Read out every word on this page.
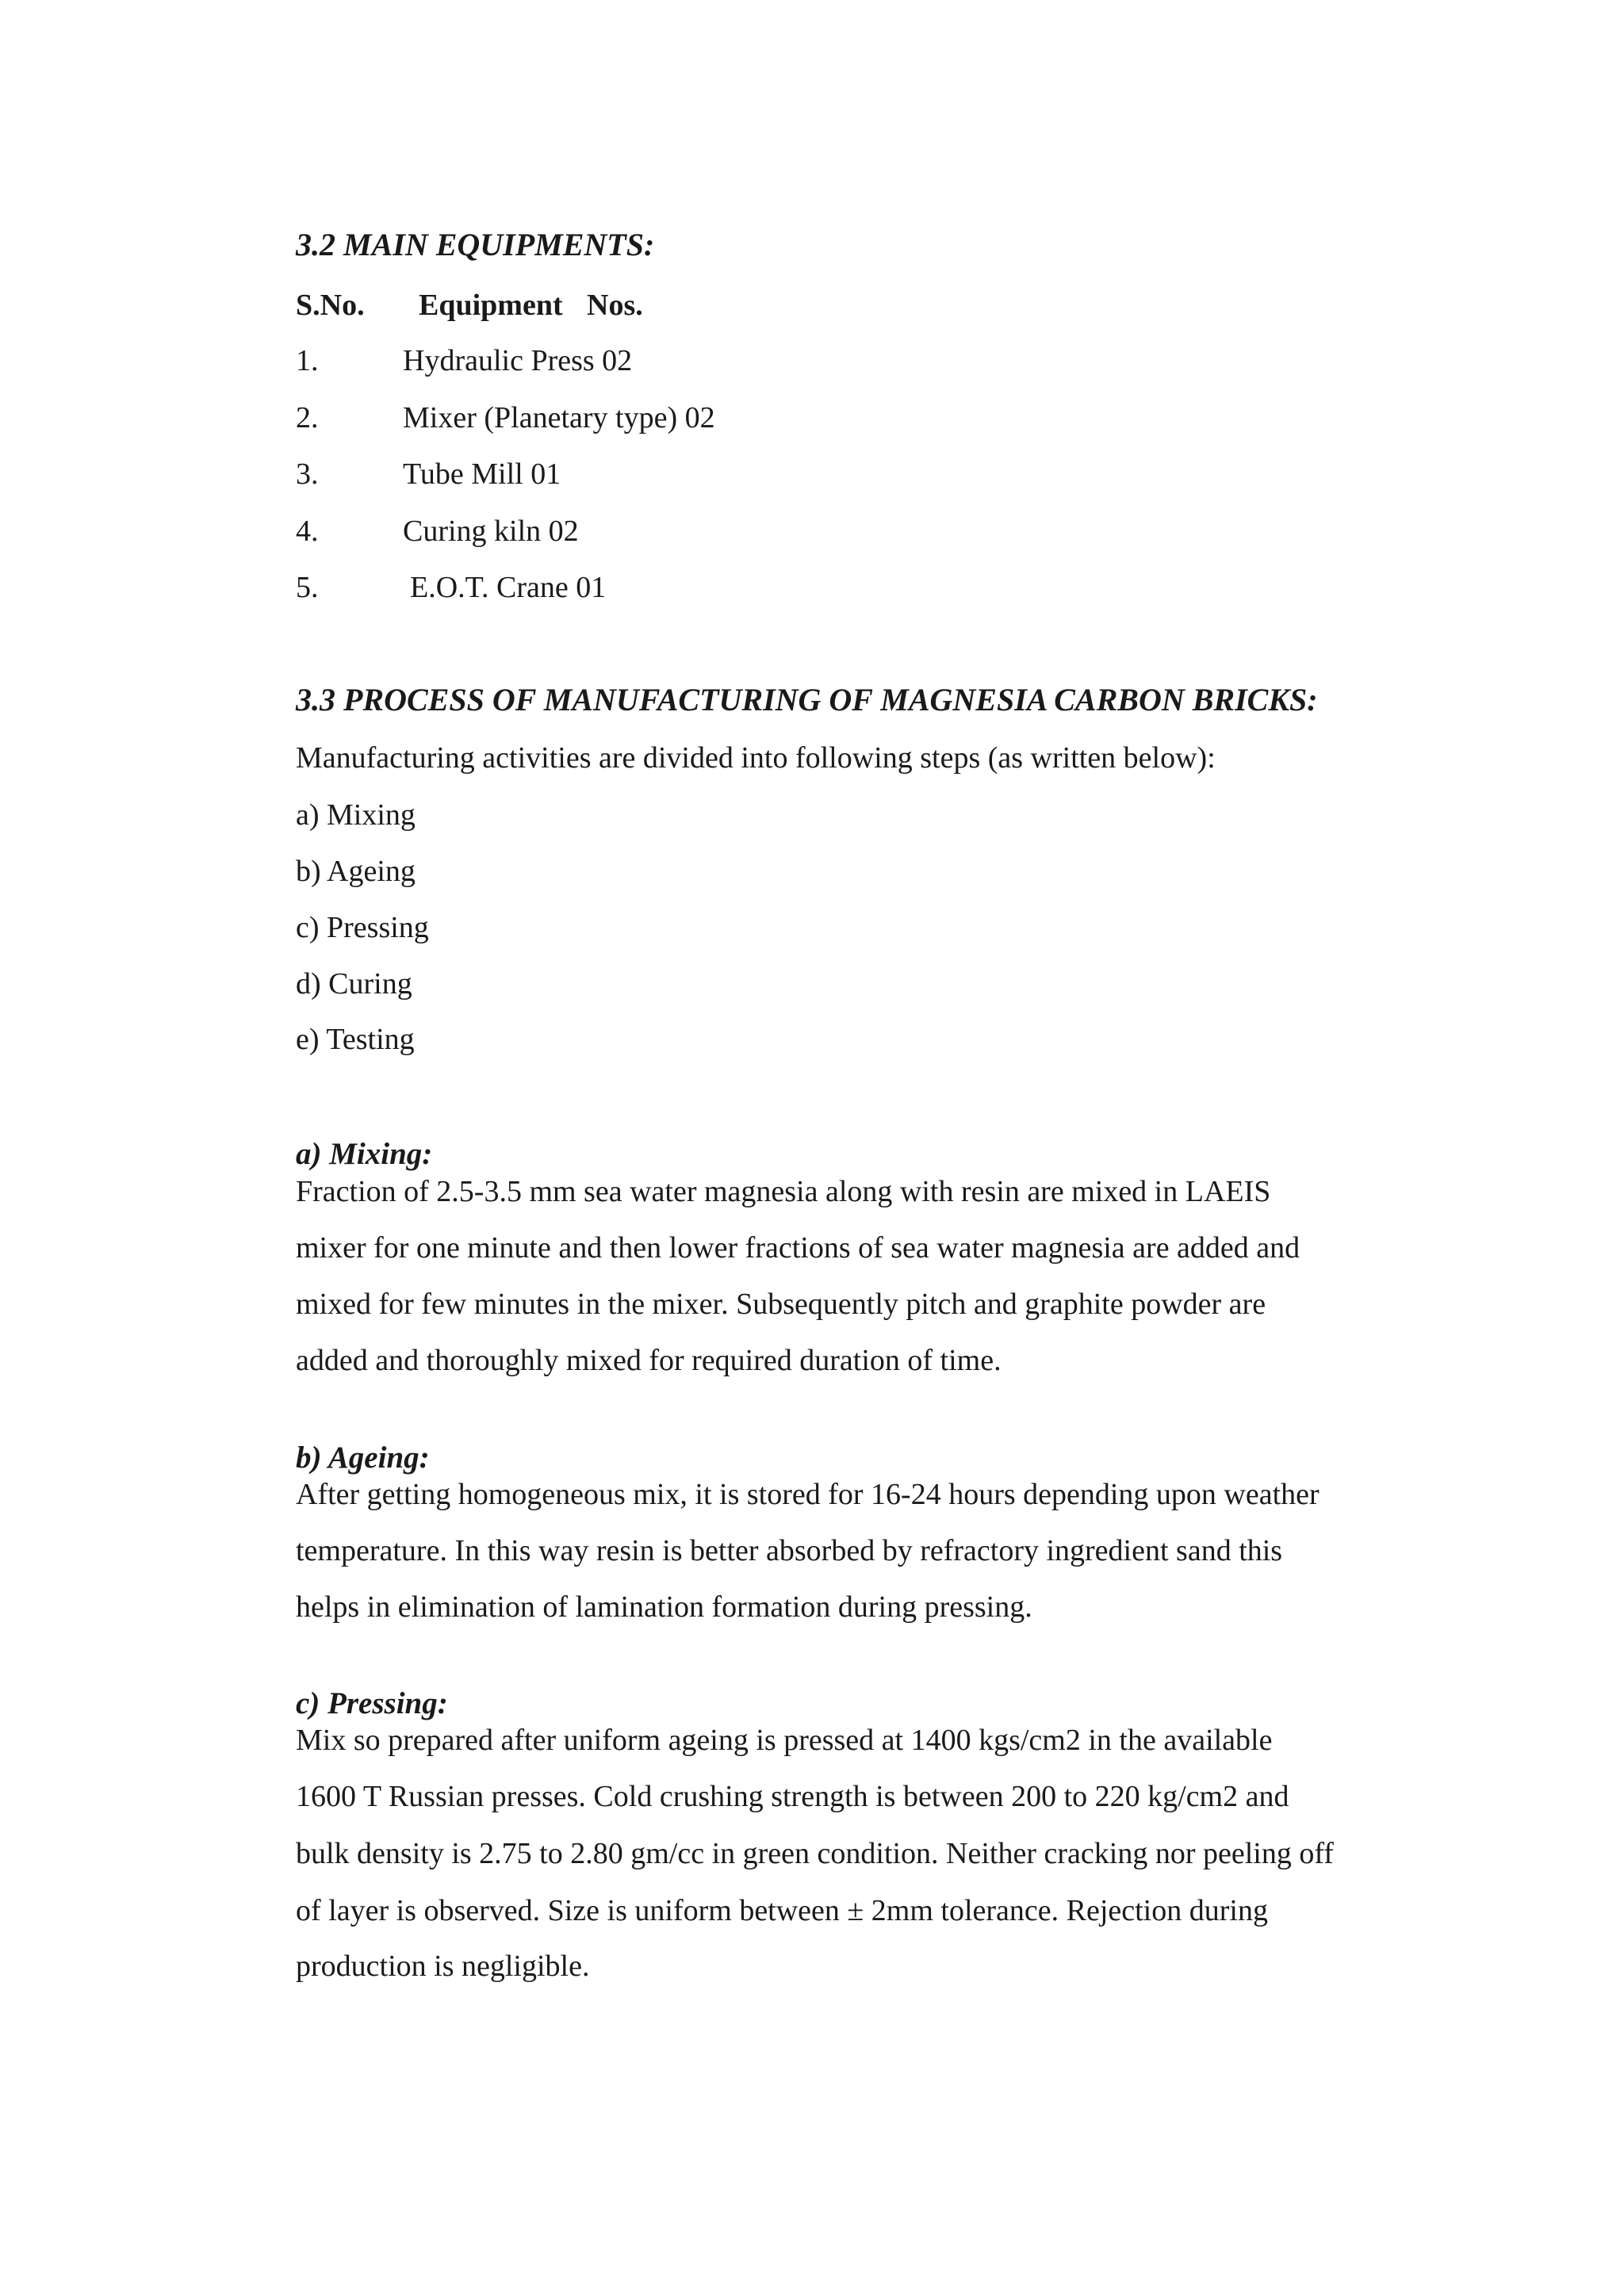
3.2 MAIN EQUIPMENTS:
S.No. Equipment Nos.
1.	Hydraulic Press 02
2.	Mixer (Planetary type) 02
3.	Tube Mill 01
4.	Curing kiln 02
5.	E.O.T. Crane 01
3.3 PROCESS OF MANUFACTURING OF MAGNESIA CARBON BRICKS:
Manufacturing activities are divided into following steps (as written below):
a) Mixing
b) Ageing
c) Pressing
d) Curing
e) Testing
a) Mixing:
Fraction of 2.5-3.5 mm sea water magnesia along with resin are mixed in LAEIS
mixer for one minute and then lower fractions of sea water magnesia are added and
mixed for few minutes in the mixer. Subsequently pitch and graphite powder are
added and thoroughly mixed for required duration of time.
b) Ageing:
After getting homogeneous mix, it is stored for 16-24 hours depending upon weather
temperature. In this way resin is better absorbed by refractory ingredient sand this
helps in elimination of lamination formation during pressing.
c) Pressing:
Mix so prepared after uniform ageing is pressed at 1400 kgs/cm2 in the available
1600 T Russian presses. Cold crushing strength is between 200 to 220 kg/cm2 and
bulk density is 2.75 to 2.80 gm/cc in green condition. Neither cracking nor peeling off
of layer is observed. Size is uniform between ± 2mm tolerance. Rejection during
production is negligible.
